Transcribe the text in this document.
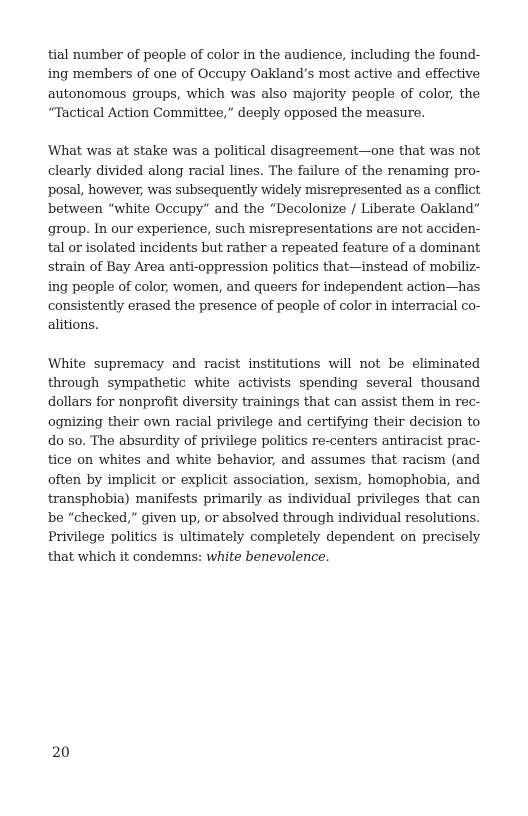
tial number of people of color in the audience, including the found-
ing members of one of Occupy Oakland’s most active and effective
autonomous groups, which was also majority people of color, the
“Tactical Action Committee,” deeply opposed the measure.

What was at stake was a political disagreement—one that was not
clearly divided along racial lines. The failure of the renaming pro-
posal, however, was subsequently widely misrepresented as a conflict
between “white Occupy” and the “Decolonize / Liberate Oakland”
group. In our experience, such misrepresentations are not acciden-
tal or isolated incidents but rather a repeated feature of a dominant
strain of Bay Area anti-oppression politics that—instead of mobiliz-
ing people of color, women, and queers for independent action—has
consistently erased the presence of people of color in interracial co-
alitions.

White supremacy and racist institutions will not be eliminated
through sympathetic white activists spending several thousand
dollars for nonprofit diversity trainings that can assist them in rec-
ognizing their own racial privilege and certifying their decision to
do so. The absurdity of privilege politics re-centers antiracist prac-
tice on whites and white behavior, and assumes that racism (and
often by implicit or explicit association, sexism, homophobia, and
transphobia) manifests primarily as individual privileges that can
be “checked,” given up, or absolved through individual resolutions.
Privilege politics is ultimately completely dependent on precisely
that which it condemns: white benevolence.

20
